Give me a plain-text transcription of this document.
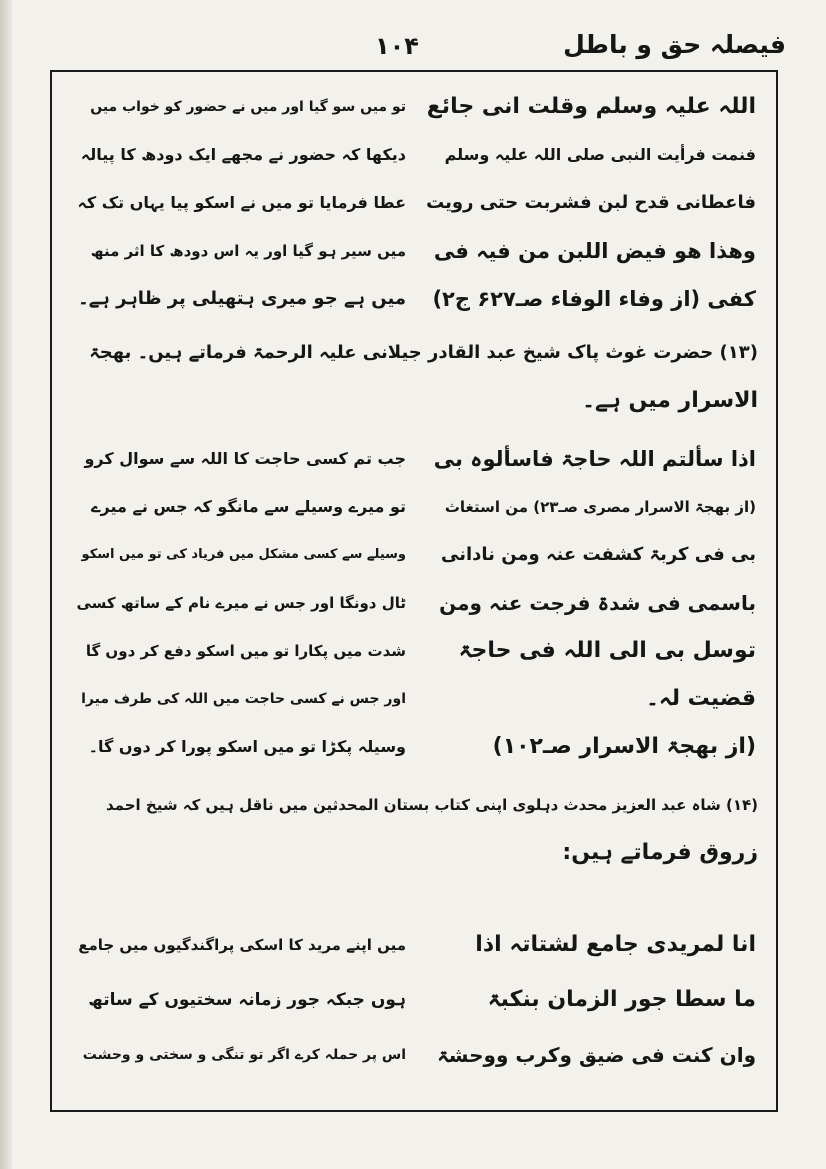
فیصلہ حق و باطل
۱۰۴
اللہ علیہ وسلم وقلت انی جائع
فنمت فرأیت النبی صلی اللہ علیہ وسلم
فاعطانی قدح لبن فشربت حتی رویت
وھذا ھو فیض اللبن من فیہ فی
کفی (از وفاء الوفاء صـ۶۲۷ ج۲)
تو میں سو گیا اور میں نے حضور کو خواب میں
دیکھا کہ حضور نے مجھے ایک دودھ کا پیالہ
عطا فرمایا تو میں نے اسکو پیا یہاں تک کہ
میں سیر ہو گیا اور یہ اس دودھ کا اثر منھ
میں ہے جو میری ہتھیلی پر ظاہر ہے۔
(۱۳) حضرت غوث پاک شیخ عبد القادر جیلانی علیہ الرحمۃ فرماتے ہیں۔ بھجۃ
الاسرار میں ہے۔
اذا سألتم اللہ حاجۃ فاسألوہ بی
(از بھجۃ الاسرار مصری صـ۲۳) من استغاث
بی فی کربۃ کشفت عنہ ومن نادانی
باسمی فی شدۃ فرجت عنہ ومن
توسل بی الی اللہ فی حاجۃ
قضیت لہ۔
(از بھجۃ الاسرار صـ۱۰۲)
جب تم کسی حاجت کا اللہ سے سوال کرو
تو میرے وسیلے سے مانگو کہ جس نے میرے
وسیلے سے کسی مشکل میں فریاد کی تو میں اسکو
ٹال دونگا اور جس نے میرے نام کے ساتھ کسی
شدت میں پکارا تو میں اسکو دفع کر دوں گا
اور جس نے کسی حاجت میں اللہ کی طرف میرا
وسیلہ پکڑا تو میں اسکو پورا کر دوں گا۔
(۱۴) شاہ عبد العزیز محدث دہلوی اپنی کتاب بستان المحدثین میں ناقل ہیں کہ شیخ احمد
زروق فرماتے ہیں:
انا لمریدی جامع لشتاتہ اذا
ما سطا جور الزمان بنکبۃ
وان کنت فی ضیق وکرب ووحشۃ
میں اپنے مرید کا اسکی پراگندگیوں میں جامع
ہوں جبکہ جور زمانہ سختیوں کے ساتھ
اس پر حملہ کرے اگر تو تنگی و سختی و وحشت
